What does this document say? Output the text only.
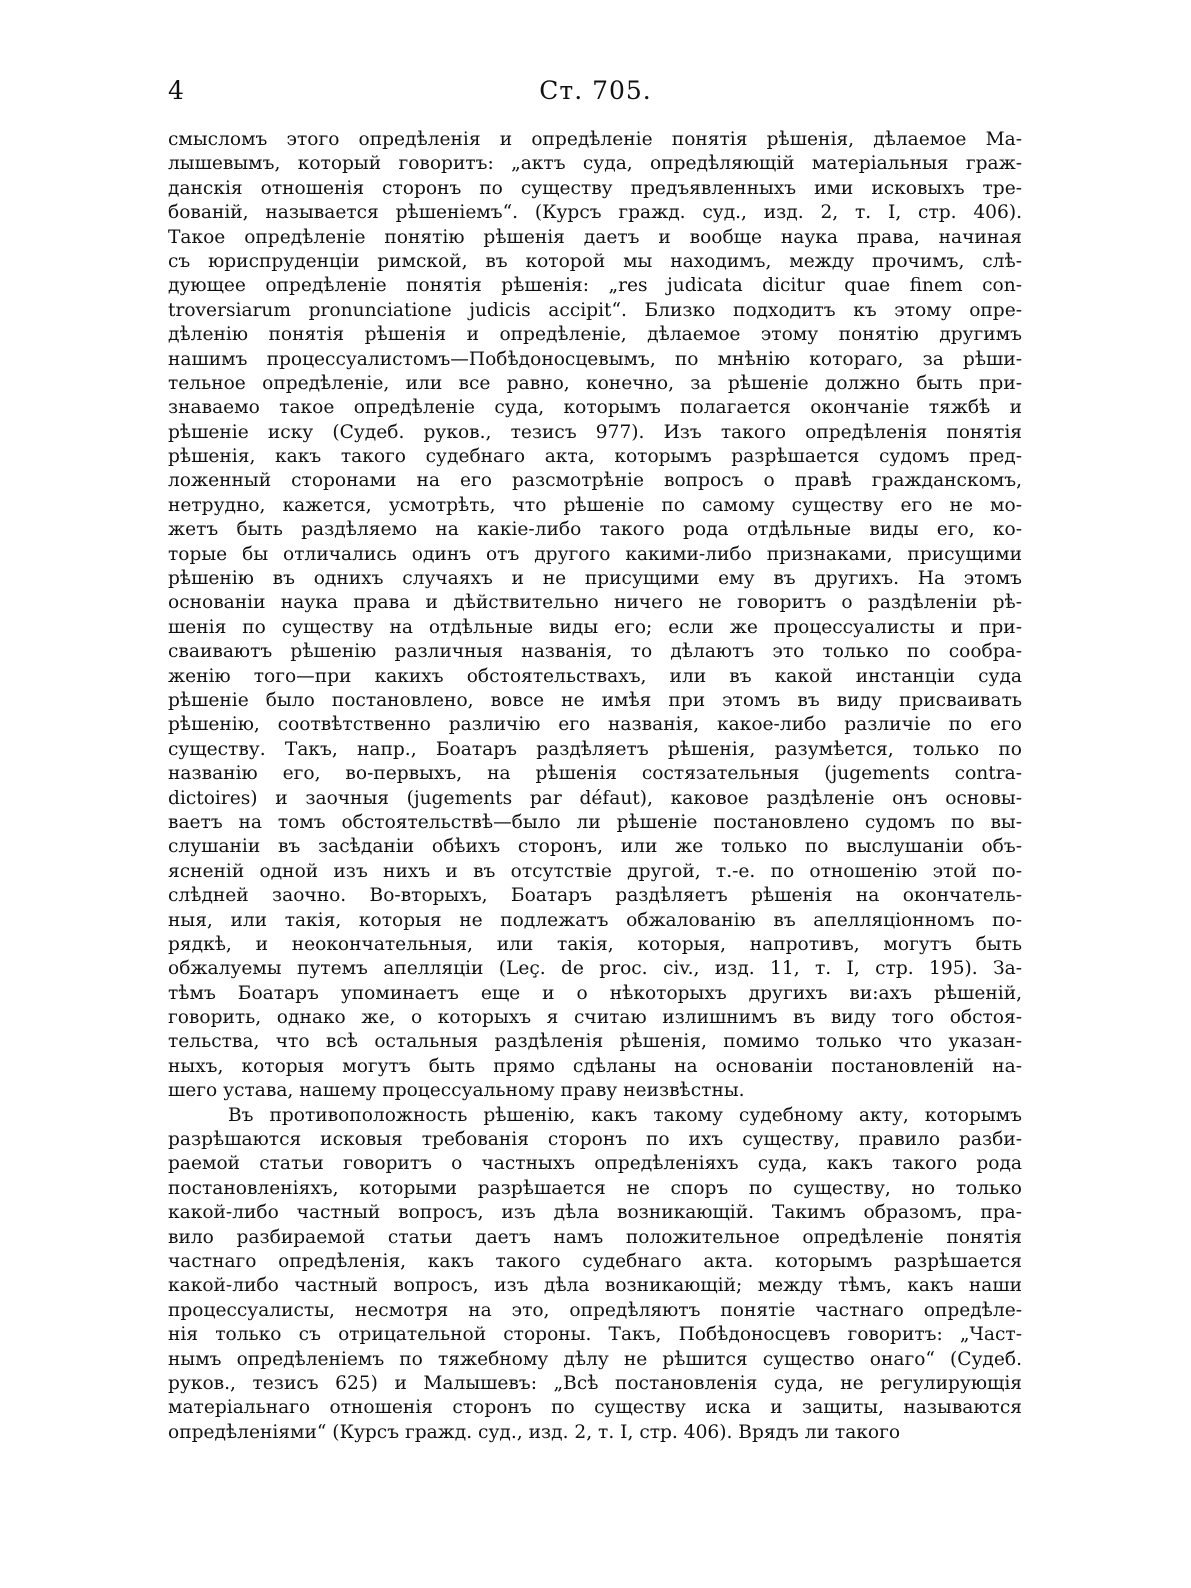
4	Ст. 705.
смысломъ этого опредѣленія и опредѣленіе понятія рѣшенія, дѣлаемое Ма-
лышевымъ, который говоритъ: „актъ суда, опредѣляющій матеріальныя граж-
данскія отношенія сторонъ по существу предъявленныхъ ими исковыхъ тре-
бованій, называется рѣшеніемъ“. (Курсъ гражд. суд., изд. 2, т. I, стр. 406).
Такое опредѣленіе понятію рѣшенія даетъ и вообще наука права, начиная
съ юриспруденціи римской, въ которой мы находимъ, между прочимъ, слѣ-
дующее опредѣленіе понятія рѣшенія: „res judicata dicitur quae finem con-
troversiarum pronunciatione judicis accipit“. Близко подходитъ къ этому опре-
дѣленію понятія рѣшенія и опредѣленіе, дѣлаемое этому понятію другимъ
нашимъ процессуалистомъ—Побѣдоносцевымъ, по мнѣнію котораго, за рѣши-
тельное опредѣленіе, или все равно, конечно, за рѣшеніе должно быть при-
знаваемо такое опредѣленіе суда, которымъ полагается окончаніе тяжбѣ и
рѣшеніе иску (Судеб. руков., тезисъ 977). Изъ такого опредѣленія понятія
рѣшенія, какъ такого судебнаго акта, которымъ разрѣшается судомъ пред-
ложенный сторонами на его разсмотрѣніе вопросъ о правѣ гражданскомъ,
нетрудно, кажется, усмотрѣть, что рѣшеніе по самому существу его не мо-
жетъ быть раздѣляемо на какіе-либо такого рода отдѣльные виды его, ко-
торые бы отличались одинъ отъ другого какими-либо признаками, присущими
рѣшенію въ однихъ случаяхъ и не присущими ему въ другихъ. На этомъ
основаніи наука права и дѣйствительно ничего не говоритъ о раздѣленіи рѣ-
шенія по существу на отдѣльные виды его; если же процессуалисты и при-
сваиваютъ рѣшенію различныя названія, то дѣлаютъ это только по сообра-
женію того—при какихъ обстоятельствахъ, или въ какой инстанціи суда
рѣшеніе было постановлено, вовсе не имѣя при этомъ въ виду присваивать
рѣшенію, соотвѣтственно различію его названія, какое-либо различіе по его
существу. Такъ, напр., Боатаръ раздѣляетъ рѣшенія, разумѣется, только по
названію его, во-первыхъ, на рѣшенія состязательныя (jugements contra-
dictoires) и заочныя (jugements par défaut), каковое раздѣленіе онъ основы-
ваетъ на томъ обстоятельствѣ—было ли рѣшеніе постановлено судомъ по вы-
слушаніи въ засѣданіи обѣихъ сторонъ, или же только по выслушаніи объ-
ясненій одной изъ нихъ и въ отсутствіе другой, т.-е. по отношенію этой по-
слѣдней заочно. Во-вторыхъ, Боатаръ раздѣляетъ рѣшенія на окончатель-
ныя, или такія, которыя не подлежатъ обжалованію въ апелляціонномъ по-
рядкѣ, и неокончательныя, или такія, которыя, напротивъ, могутъ быть
обжалуемы путемъ апелляціи (Leç. de proc. civ., изд. 11, т. I, стр. 195). За-
тѣмъ Боатаръ упоминаетъ еще и о нѣкоторыхъ другихъ ви:ахъ рѣшеній,
говорить, однако же, о которыхъ я считаю излишнимъ въ виду того обстоя-
тельства, что всѣ остальныя раздѣленія рѣшенія, помимо только что указан-
ныхъ, которыя могутъ быть прямо сдѣланы на основаніи постановленій на-
шего устава, нашему процессуальному праву неизвѣстны.
Въ противоположность рѣшенію, какъ такому судебному акту, которымъ
разрѣшаются исковыя требованія сторонъ по ихъ существу, правило разби-
раемой статьи говоритъ о частныхъ опредѣленіяхъ суда, какъ такого рода
постановленіяхъ, которыми разрѣшается не споръ по существу, но только
какой-либо частный вопросъ, изъ дѣла возникающій. Такимъ образомъ, пра-
вило разбираемой статьи даетъ намъ положительное опредѣленіе понятія
частнаго опредѣленія, какъ такого судебнаго акта. которымъ разрѣшается
какой-либо частный вопросъ, изъ дѣла возникающій; между тѣмъ, какъ наши
процессуалисты, несмотря на это, опредѣляютъ понятіе частнаго опредѣле-
нія только съ отрицательной стороны. Такъ, Побѣдоносцевъ говоритъ: „Част-
нымъ опредѣленіемъ по тяжебному дѣлу не рѣшится существо онаго“ (Судеб.
руков., тезисъ 625) и Малышевъ: „Всѣ постановленія суда, не регулирующія
матеріальнаго отношенія сторонъ по существу иска и защиты, называются
опредѣленіями“ (Курсъ гражд. суд., изд. 2, т. I, стр. 406). Врядъ ли такого
